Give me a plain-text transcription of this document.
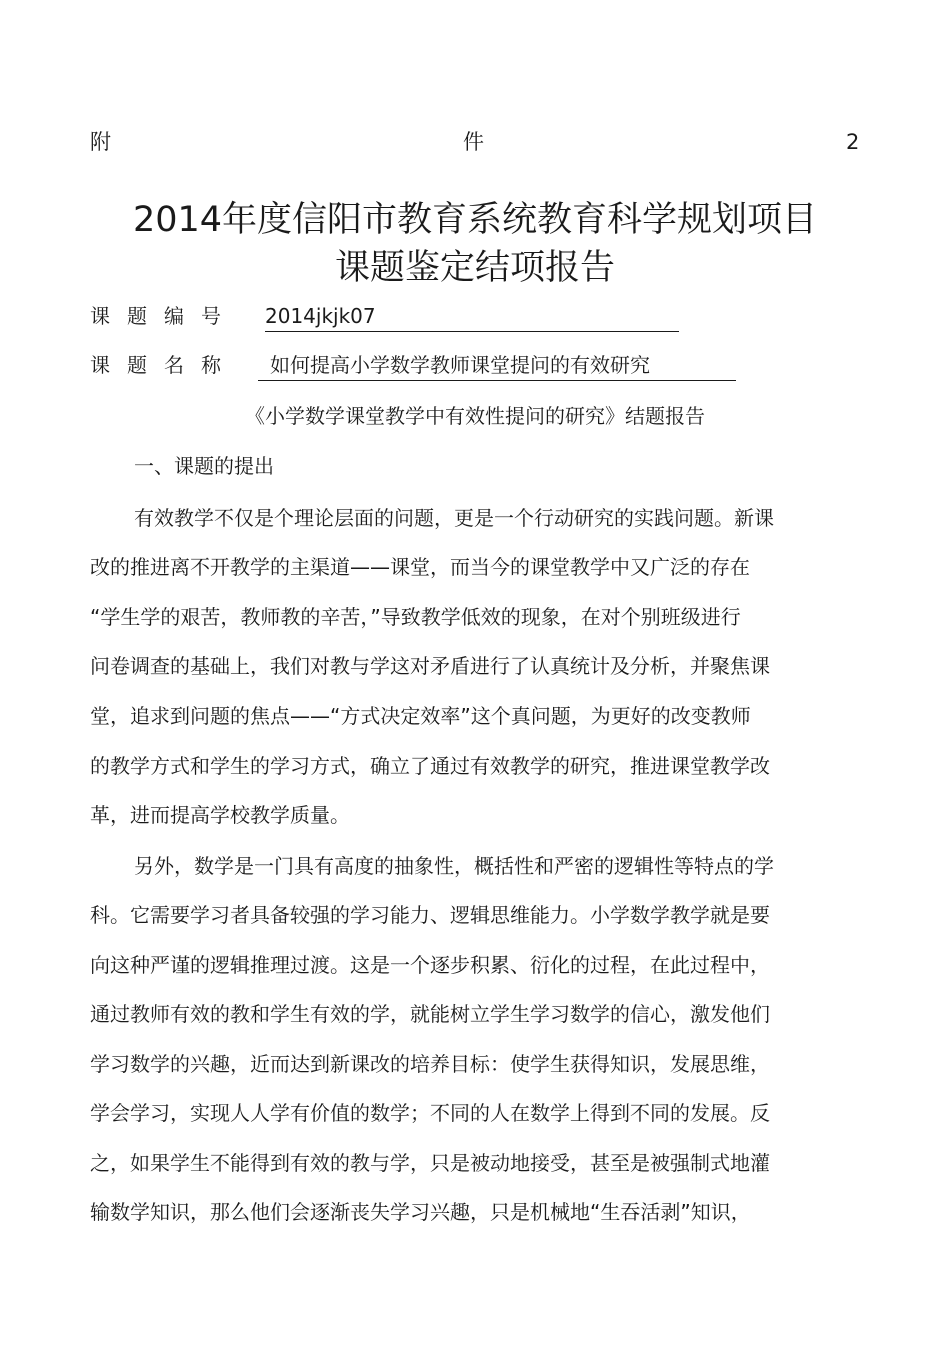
附	件	2
2014年度信阳市教育系统教育科学规划项目
课题鉴定结项报告
课题编号 2014jkjk07
课题名称	如何提高小学数学教师课堂提问的有效研究
《小学数学课堂教学中有效性提问的研究》结题报告
一、课题的提出
有效教学不仅是个理论层面的问题，更是一个行动研究的实践问题。新课
改的推进离不开教学的主渠道——课堂，而当今的课堂教学中又广泛的存在
“学生学的艰苦，教师教的辛苦，”导致教学低效的现象，在对个别班级进行
问卷调查的基础上，我们对教与学这对矛盾进行了认真统计及分析，并聚焦课
堂，追求到问题的焦点——“方式决定效率”这个真问题，为更好的改变教师
的教学方式和学生的学习方式，确立了通过有效教学的研究，推进课堂教学改
革，进而提高学校教学质量。
另外，数学是一门具有高度的抽象性，概括性和严密的逻辑性等特点的学
科。它需要学习者具备较强的学习能力、逻辑思维能力。小学数学教学就是要
向这种严谨的逻辑推理过渡。这是一个逐步积累、衍化的过程，在此过程中，
通过教师有效的教和学生有效的学，就能树立学生学习数学的信心，激发他们
学习数学的兴趣，近而达到新课改的培养目标：使学生获得知识，发展思维，
学会学习，实现人人学有价值的数学；不同的人在数学上得到不同的发展。反
之，如果学生不能得到有效的教与学，只是被动地接受，甚至是被强制式地灌
输数学知识，那么他们会逐渐丧失学习兴趣，只是机械地“生吞活剥”知识，
